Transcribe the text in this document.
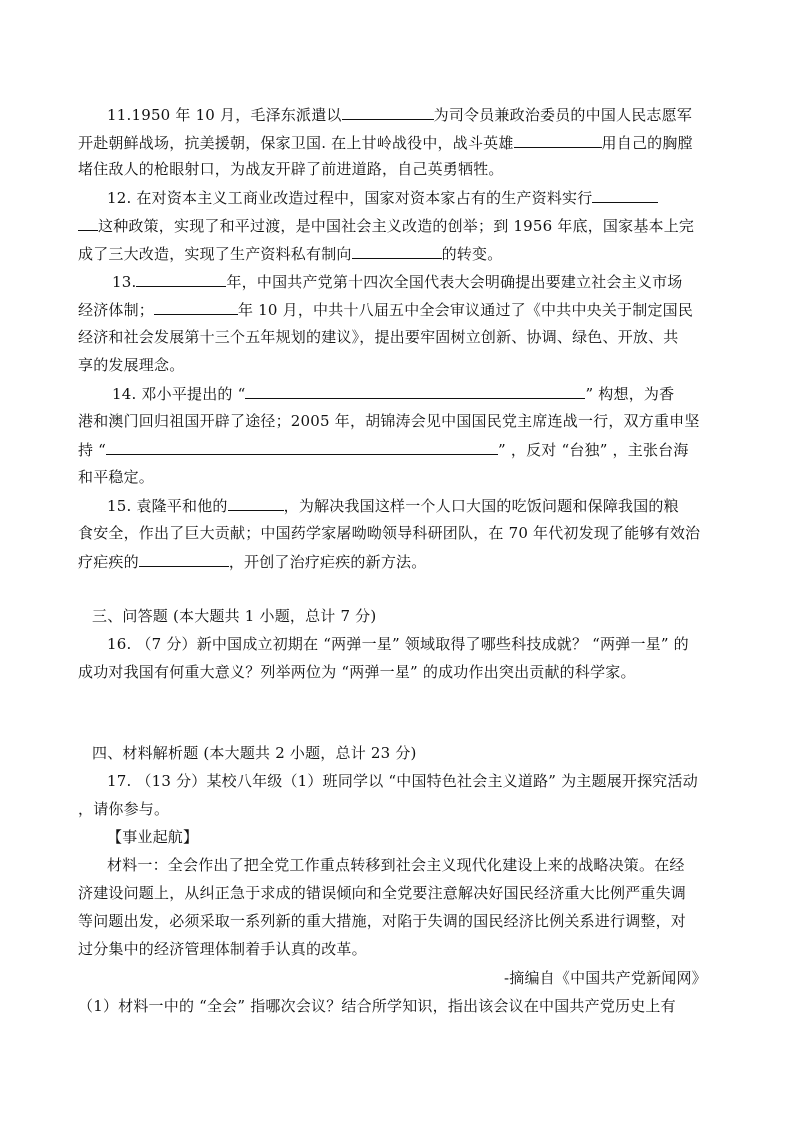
11.1950 年 10 月，毛泽东派遣以	为司令员兼政治委员的中国人民志愿军
开赴朝鲜战场，抗美援朝，保家卫国. 在上甘岭战役中，战斗英雄	用自己的胸膛
堵住敌人的枪眼射口，为战友开辟了前进道路，自己英勇牺牲。
12. 在对资本主义工商业改造过程中，国家对资本家占有的生产资料实行
这种政策，实现了和平过渡，是中国社会主义改造的创举；到 1956 年底，国家基本上完
成了三大改造，实现了生产资料私有制向	的转变。
13.	年，中国共产党第十四次全国代表大会明确提出要建立社会主义市场
经济体制；	年 10 月，中共十八届五中全会审议通过了《中共中央关于制定国民
经济和社会发展第十三个五年规划的建议》，提出要牢固树立创新、协调、绿色、开放、共
享的发展理念。
14. 邓小平提出的 “	” 构想，为香
港和澳门回归祖国开辟了途径；2005 年，胡锦涛会见中国国民党主席连战一行，双方重申坚
持 “	” ，反对 “台独” ，主张台海
和平稳定。
15. 袁隆平和他的	，为解决我国这样一个人口大国的吃饭问题和保障我国的粮
食安全，作出了巨大贡献；中国药学家屠呦呦领导科研团队，在 70 年代初发现了能够有效治
疗疟疾的	，开创了治疗疟疾的新方法。
三、问答题 (本大题共 1 小题，总计 7 分)
16. （7 分）新中国成立初期在 “两弹一星” 领域取得了哪些科技成就？ “两弹一星” 的
成功对我国有何重大意义？列举两位为 “两弹一星” 的成功作出突出贡献的科学家。
四、材料解析题 (本大题共 2 小题，总计 23 分)
17. （13 分）某校八年级（1）班同学以 “中国特色社会主义道路” 为主题展开探究活动
，请你参与。
【事业起航】
材料一：全会作出了把全党工作重点转移到社会主义现代化建设上来的战略决策。在经
济建设问题上，从纠正急于求成的错误倾向和全党要注意解决好国民经济重大比例严重失调
等问题出发，必须采取一系列新的重大措施，对陷于失调的国民经济比例关系进行调整，对
过分集中的经济管理体制着手认真的改革。
-摘编自《中国共产党新闻网》
（1）材料一中的 “全会” 指哪次会议？结合所学知识，指出该会议在中国共产党历史上有
